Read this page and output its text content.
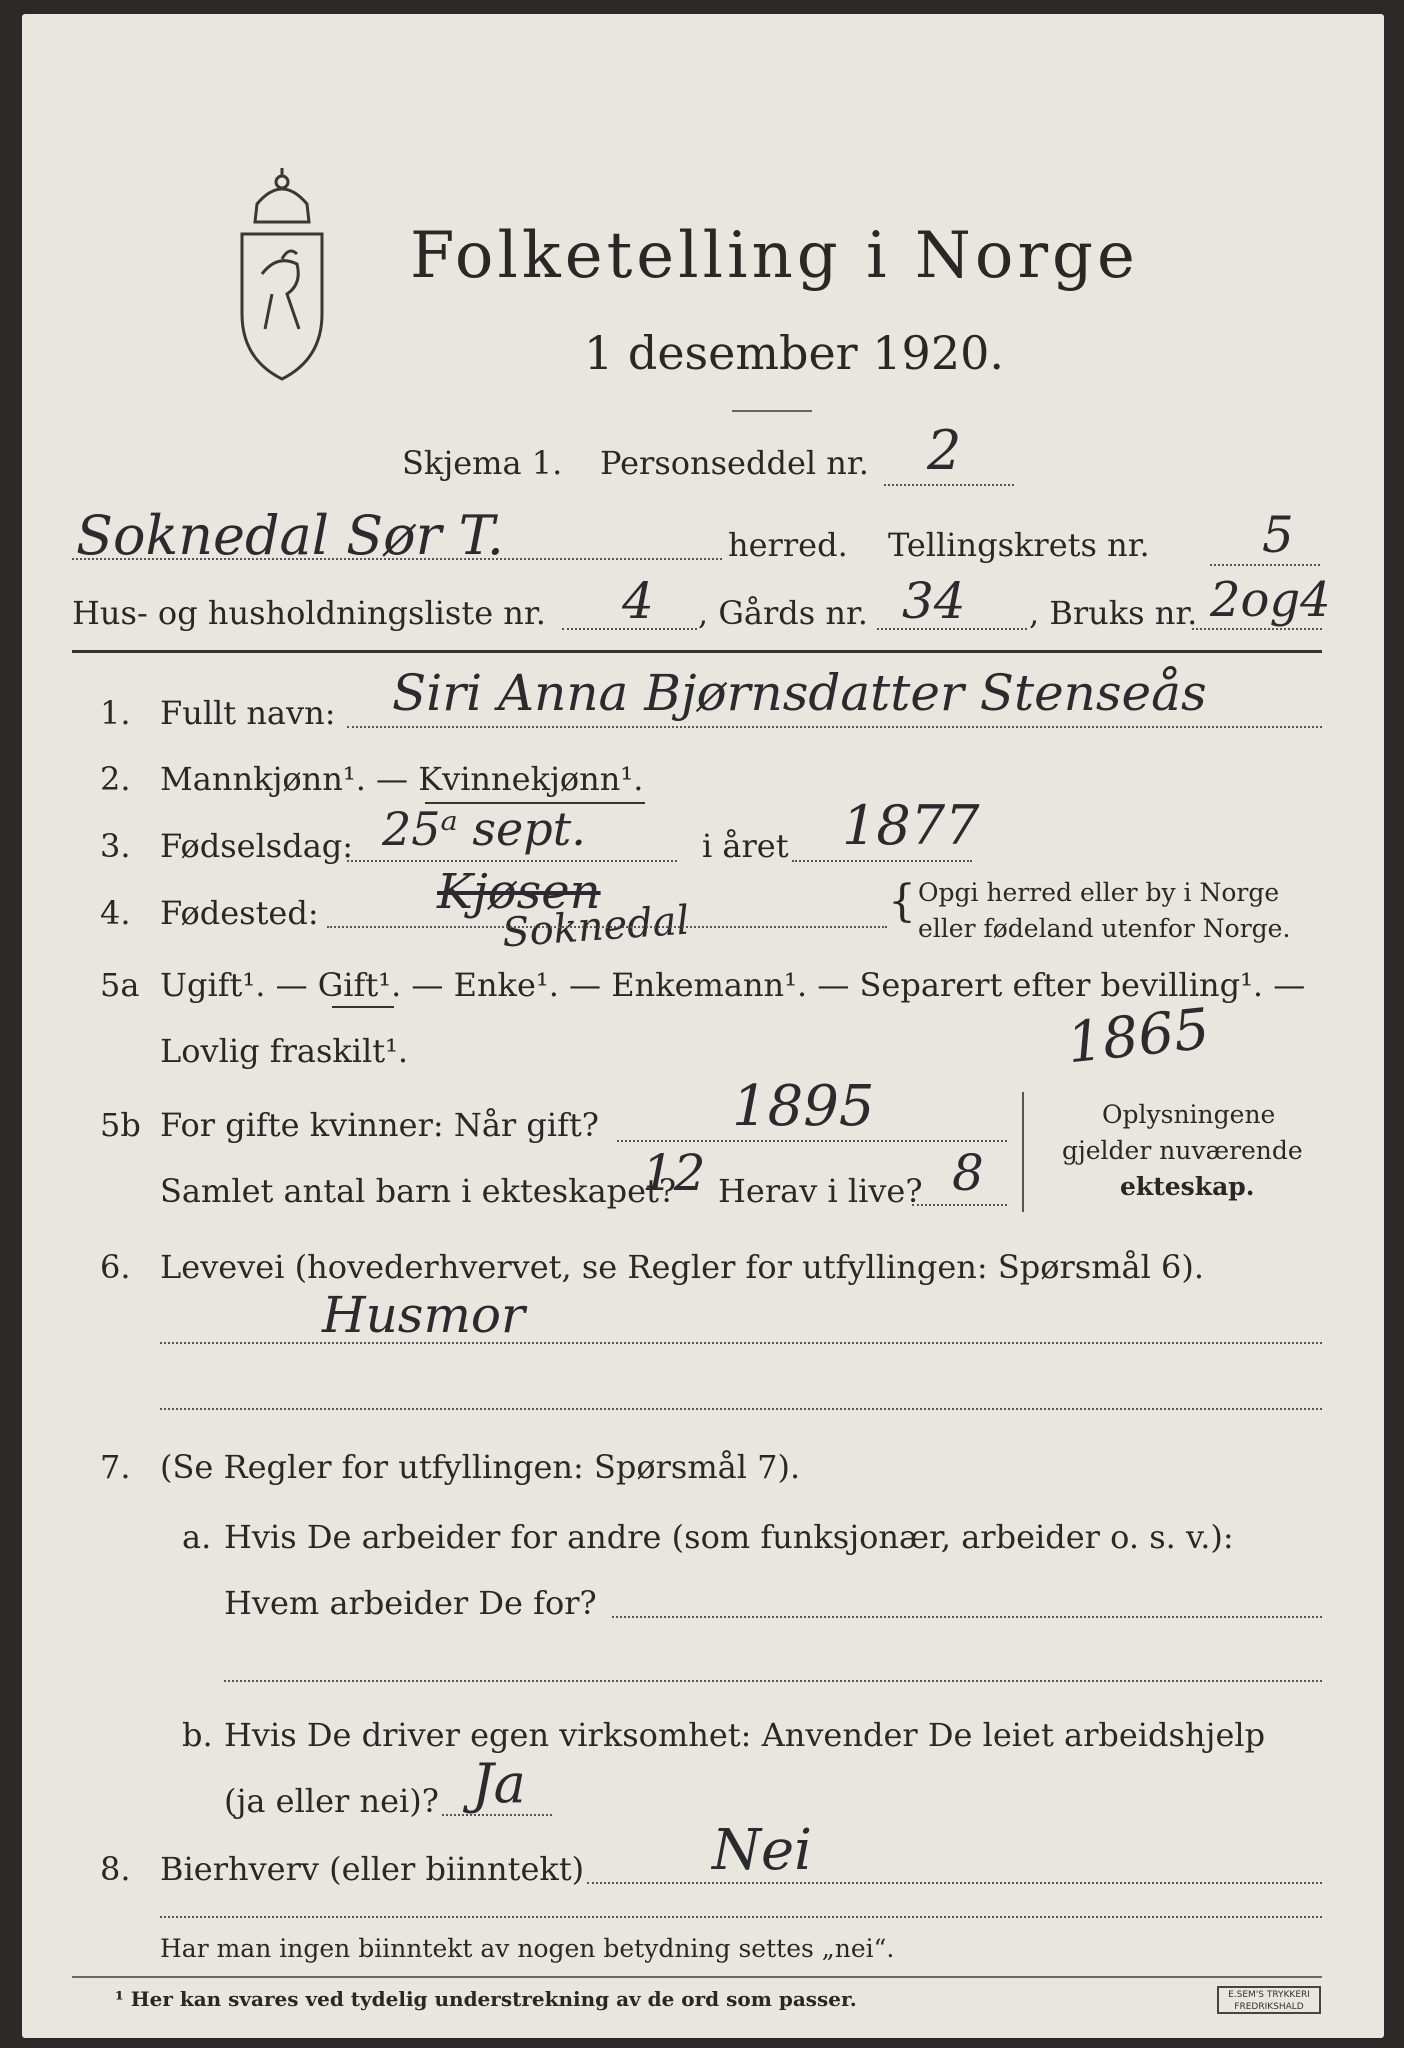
Folketelling i Norge
1 desember 1920.
Skjema 1. Personseddel nr. 2
Soknedal Sør T.	herred. Tellingskrets nr. 5
Hus- og husholdningsliste nr. 4 , Gårds nr. 34 , Bruks nr. 2og4
1. Fullt navn: Siri Anna Bjørnsdatter Stenseås
2. Mannkjønn¹. — Kvinnekjønn¹.
3. Fødselsdag: 25ᵃ sept.	i året 1877
4. Fødested: Kjøsen
Soknedal	{ Opgi herred eller by i Norge
eller fødeland utenfor Norge.
5a Ugift¹. — Gift¹. — Enke¹. — Enkemann¹. — Separert efter bevilling¹. —
Lovlig fraskilt¹.	1865
5b For gifte kvinner: Når gift? 1895
Samlet antal barn i ekteskapet?
12 Herav i live? 8
Oplysningene
gjelder nuværende
ekteskap.
6. Levevei (hovederhvervet, se Regler for utfyllingen: Spørsmål 6).
Husmor
7. (Se Regler for utfyllingen: Spørsmål 7).
a. Hvis De arbeider for andre (som funksjonær, arbeider o. s. v.):
Hvem arbeider De for?
b. Hvis De driver egen virksomhet: Anvender De leiet arbeidshjelp
(ja eller nei)? Ja
8. Bierhverv (eller biinntekt) Nei
Har man ingen biinntekt av nogen betydning settes „nei“.
¹ Her kan svares ved tydelig understrekning av de ord som passer.	E.SEM'S TRYKKERI
FREDRIKSHALD
